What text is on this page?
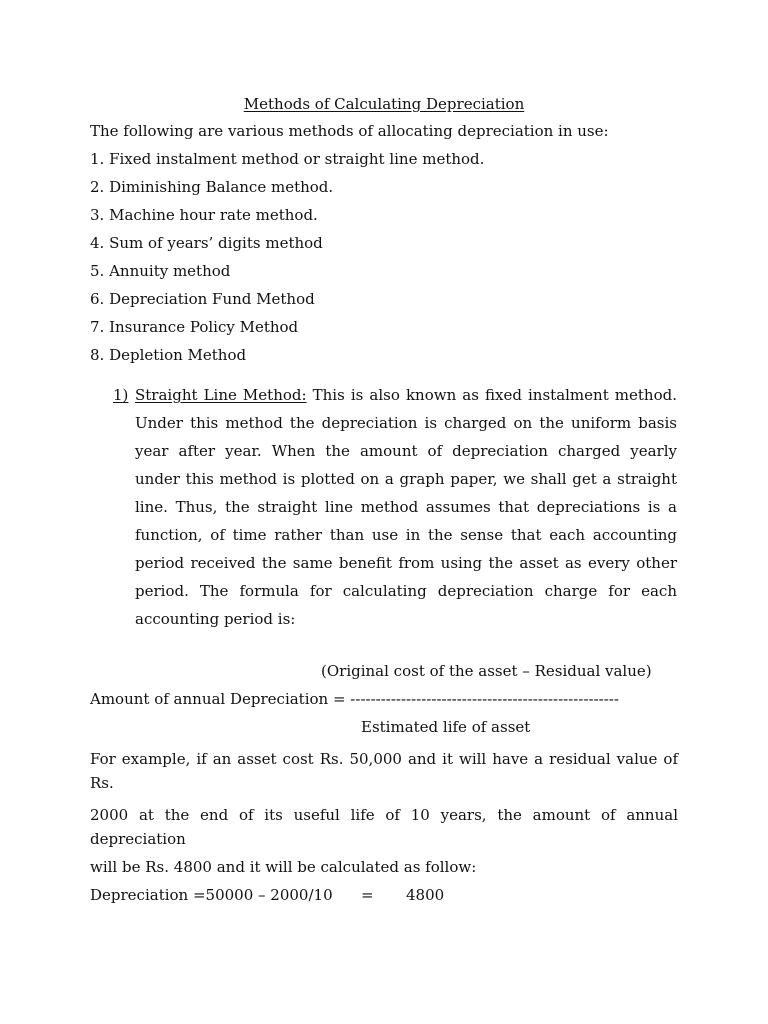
Methods of Calculating Depreciation
The following are various methods of allocating depreciation in use:
1. Fixed instalment method or straight line method.
2. Diminishing Balance method.
3. Machine hour rate method.
4. Sum of years’ digits method
5. Annuity method
6. Depreciation Fund Method
7. Insurance Policy Method
8. Depletion Method
1) Straight Line Method: This is also known as fixed instalment method. Under this method the depreciation is charged on the uniform basis year after year. When the amount of depreciation charged yearly under this method is plotted on a graph paper, we shall get a straight line. Thus, the straight line method assumes that depreciations is a function, of time rather than use in the sense that each accounting period received the same benefit from using the asset as every other period. The formula for calculating depreciation charge for each accounting period is:
(Original cost of the asset – Residual value)
Amount of annual Depreciation = -----------------------------------------------------
Estimated life of asset
For example, if an asset cost Rs. 50,000 and it will have a residual value of
Rs.
2000 at the end of its useful life of 10 years, the amount of annual
depreciation
will be Rs. 4800 and it will be calculated as follow:
Depreciation =50000 – 2000/10 = 4800
